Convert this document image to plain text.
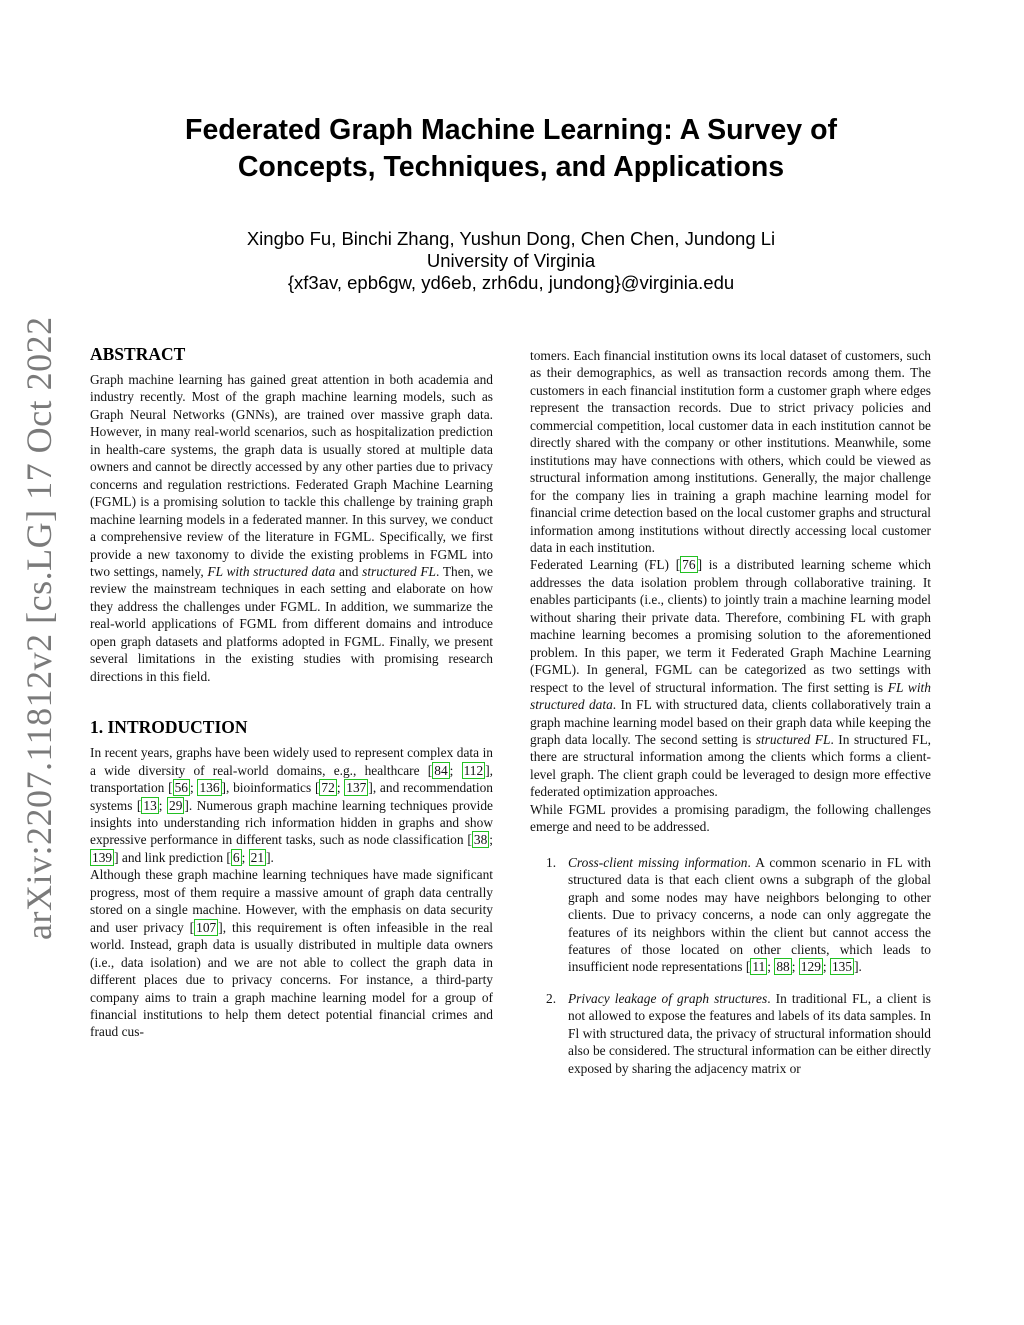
arXiv:2207.11812v2 [cs.LG] 17 Oct 2022
Federated Graph Machine Learning: A Survey of
Concepts, Techniques, and Applications
Xingbo Fu, Binchi Zhang, Yushun Dong, Chen Chen, Jundong Li
University of Virginia
{xf3av, epb6gw, yd6eb, zrh6du, jundong}@virginia.edu
ABSTRACT

Graph machine learning has gained great attention in both academia and industry recently. Most of the graph machine learning models, such as Graph Neural Networks (GNNs), are trained over massive graph data. However, in many real-world scenarios, such as hospitalization prediction in health-care systems, the graph data is usually stored at multiple data owners and cannot be directly accessed by any other parties due to privacy concerns and regulation restrictions. Federated Graph Machine Learning (FGML) is a promising solution to tackle this challenge by training graph machine learning models in a federated manner. In this survey, we conduct a comprehensive review of the literature in FGML. Specifically, we first provide a new taxonomy to divide the existing problems in FGML into two settings, namely, FL with structured data and structured FL. Then, we review the mainstream techniques in each setting and elaborate on how they address the challenges under FGML. In addition, we summarize the real-world applications of FGML from different domains and introduce open graph datasets and platforms adopted in FGML. Finally, we present several limitations in the existing studies with promising research directions in this field.

1. INTRODUCTION

In recent years, graphs have been widely used to represent complex data in a wide diversity of real-world domains, e.g., healthcare [ 84 ; 112 ], transportation [ 56 ; 136 ], bioinformatics [ 72 ; 137 ], and recommendation systems [ 13 ; 29 ]. Numerous graph machine learning techniques provide insights into understanding rich information hidden in graphs and show expressive performance in different tasks, such as node classification [ 38 ; 139 ] and link prediction [ 6 ; 21 ].

Although these graph machine learning techniques have made significant progress, most of them require a massive amount of graph data centrally stored on a single machine. However, with the emphasis on data security and user privacy [ 107 ], this requirement is often infeasible in the real world. Instead, graph data is usually distributed in multiple data owners (i.e., data isolation) and we are not able to collect the graph data in different places due to privacy concerns. For instance, a third-party company aims to train a graph machine learning model for a group of financial institutions to help them detect potential financial crimes and fraud cus-

tomers. Each financial institution owns its local dataset of customers, such as their demographics, as well as transaction records among them. The customers in each financial institution form a customer graph where edges represent the transaction records. Due to strict privacy policies and commercial competition, local customer data in each institution cannot be directly shared with the company or other institutions. Meanwhile, some institutions may have connections with others, which could be viewed as structural information among institutions. Generally, the major challenge for the company lies in training a graph machine learning model for financial crime detection based on the local customer graphs and structural information among institutions without directly accessing local customer data in each institution.

Federated Learning (FL) [ 76 ] is a distributed learning scheme which addresses the data isolation problem through collaborative training. It enables participants (i.e., clients) to jointly train a machine learning model without sharing their private data. Therefore, combining FL with graph machine learning becomes a promising solution to the aforementioned problem. In this paper, we term it Federated Graph Machine Learning (FGML). In general, FGML can be categorized as two settings with respect to the level of structural information. The first setting is FL with structured data. In FL with structured data, clients collaboratively train a graph machine learning model based on their graph data while keeping the graph data locally. The second setting is structured FL. In structured FL, there are structural information among the clients which forms a client-level graph. The client graph could be leveraged to design more effective federated optimization approaches.

While FGML provides a promising paradigm, the following challenges emerge and need to be addressed.

1. Cross-client missing information. A common scenario in FL with structured data is that each client owns a subgraph of the global graph and some nodes may have neighbors belonging to other clients. Due to privacy concerns, a node can only aggregate the features of its neighbors within the client but cannot access the features of those located on other clients, which leads to insufficient node representations [ 11 ; 88 ; 129 ; 135 ].
2. Privacy leakage of graph structures. In traditional FL, a client is not allowed to expose the features and labels of its data samples. In Fl with structured data, the privacy of structural information should also be considered. The structural information can be either directly exposed by sharing the adjacency matrix or
